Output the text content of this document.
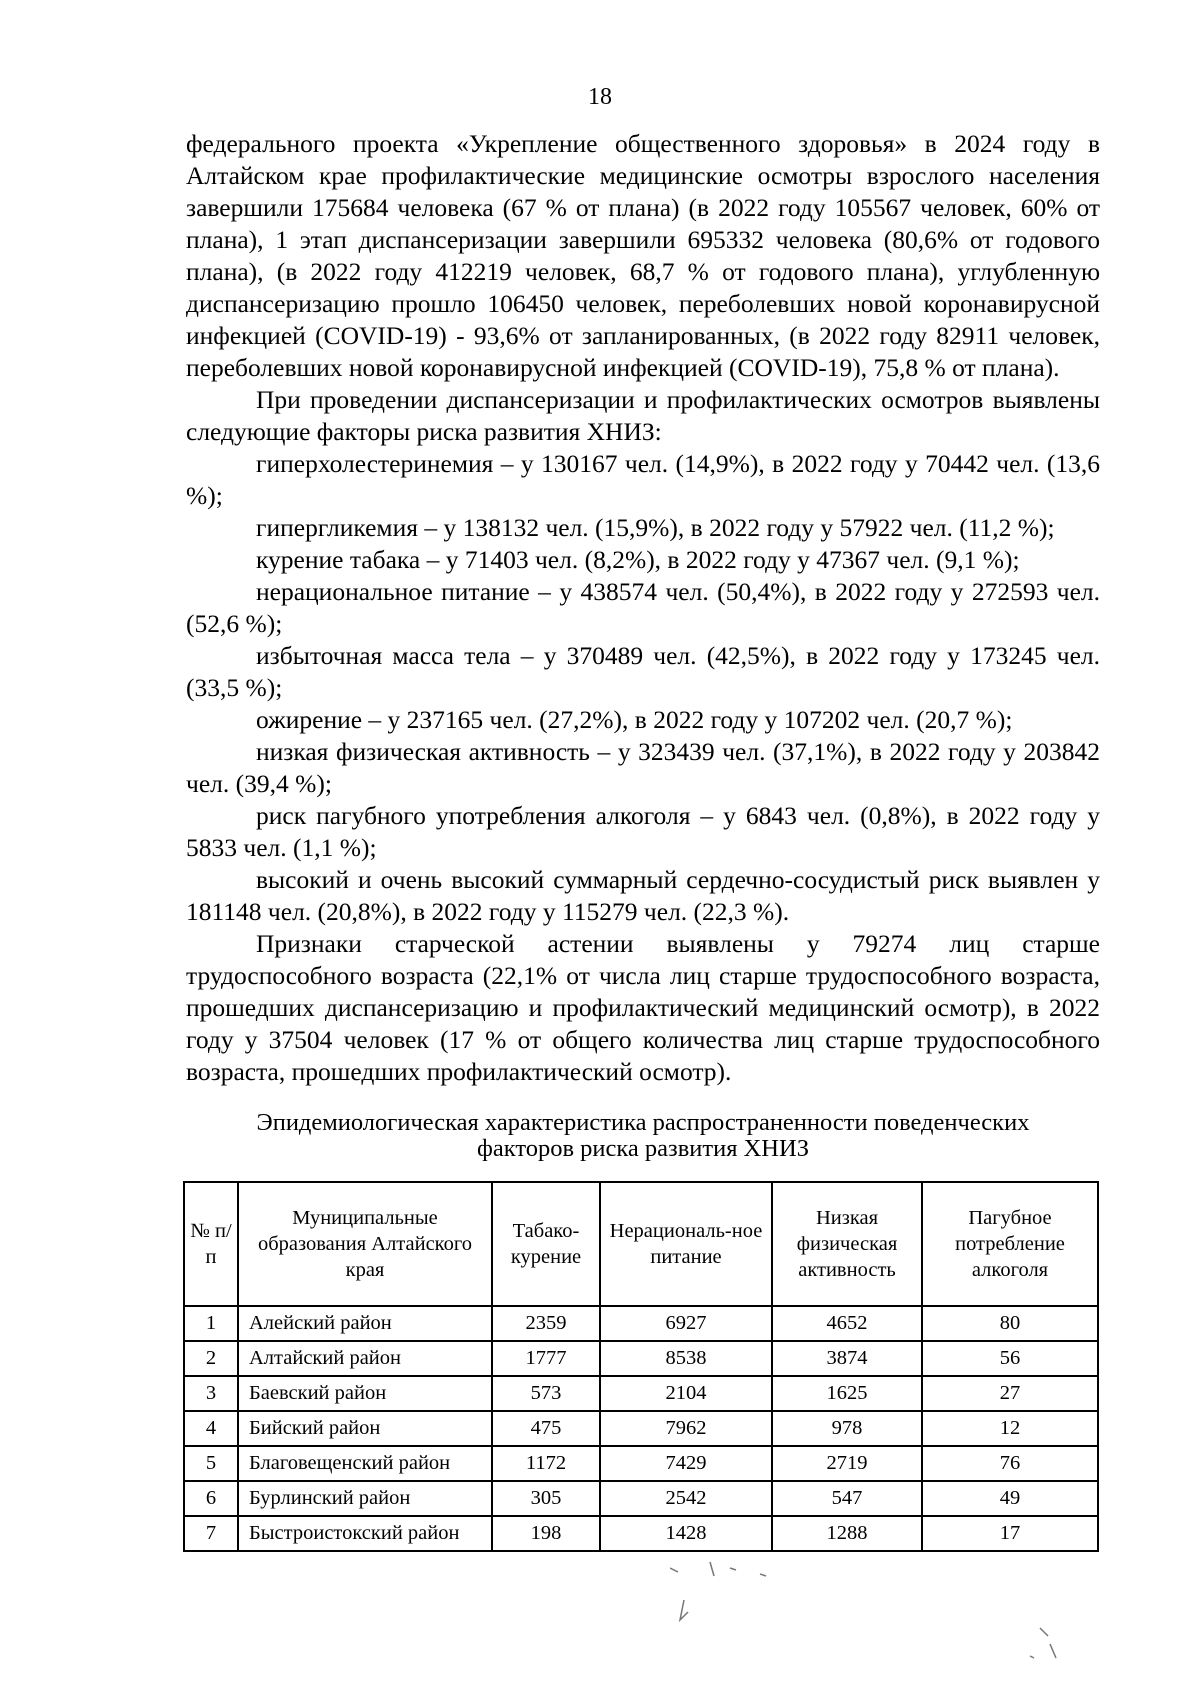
18

федерального проекта «Укрепление общественного здоровья» в 2024 году в Алтайском крае профилактические медицинские осмотры взрослого населения завершили 175684 человека (67 % от плана) (в 2022 году 105567 человек, 60% от плана), 1 этап диспансеризации завершили 695332 человека (80,6% от годового плана), (в 2022 году 412219 человек, 68,7 % от годового плана), углубленную диспансеризацию прошло 106450 человек, переболевших новой коронавирусной инфекцией (COVID-19) - 93,6% от запланированных, (в 2022 году 82911 человек, переболевших новой коронавирусной инфекцией (COVID-19), 75,8 % от плана).

При проведении диспансеризации и профилактических осмотров выявлены следующие факторы риска развития ХНИЗ:

гиперхолестеринемия – у 130167 чел. (14,9%), в 2022 году у 70442 чел. (13,6 %);

гипергликемия – у 138132 чел. (15,9%), в 2022 году у 57922 чел. (11,2 %);

курение табака – у 71403 чел. (8,2%), в 2022 году у 47367 чел. (9,1 %);

нерациональное питание – у 438574 чел. (50,4%), в 2022 году у 272593 чел. (52,6 %);

избыточная масса тела – у 370489 чел. (42,5%), в 2022 году у 173245 чел. (33,5 %);

ожирение – у 237165 чел. (27,2%), в 2022 году у 107202 чел. (20,7 %);

низкая физическая активность – у 323439 чел. (37,1%), в 2022 году у 203842 чел. (39,4 %);

риск пагубного употребления алкоголя – у 6843 чел. (0,8%), в 2022 году у 5833 чел. (1,1 %);

высокий и очень высокий суммарный сердечно-сосудистый риск выявлен у 181148 чел. (20,8%), в 2022 году у 115279 чел. (22,3 %).

Признаки старческой астении выявлены у 79274 лиц старше трудоспособного возраста (22,1% от числа лиц старше трудоспособного возраста, прошедших диспансеризацию и профилактический медицинский осмотр), в 2022 году у 37504 человек (17 % от общего количества лиц старше трудоспособного возраста, прошедших профилактический осмотр).

Эпидемиологическая характеристика распространенности поведенческих
факторов риска развития ХНИЗ
№ п/п	Муниципальные образования Алтайского края	Табако-курение	Нерациональ-ное питание	Низкая физическая активность	Пагубное потребление алкоголя
1	Алейский район	2359	6927	4652	80
2	Алтайский район	1777	8538	3874	56
3	Баевский район	573	2104	1625	27
4	Бийский район	475	7962	978	12
5	Благовещенский район	1172	7429	2719	76
6	Бурлинский район	305	2542	547	49
7	Быстроистокский район	198	1428	1288	17
